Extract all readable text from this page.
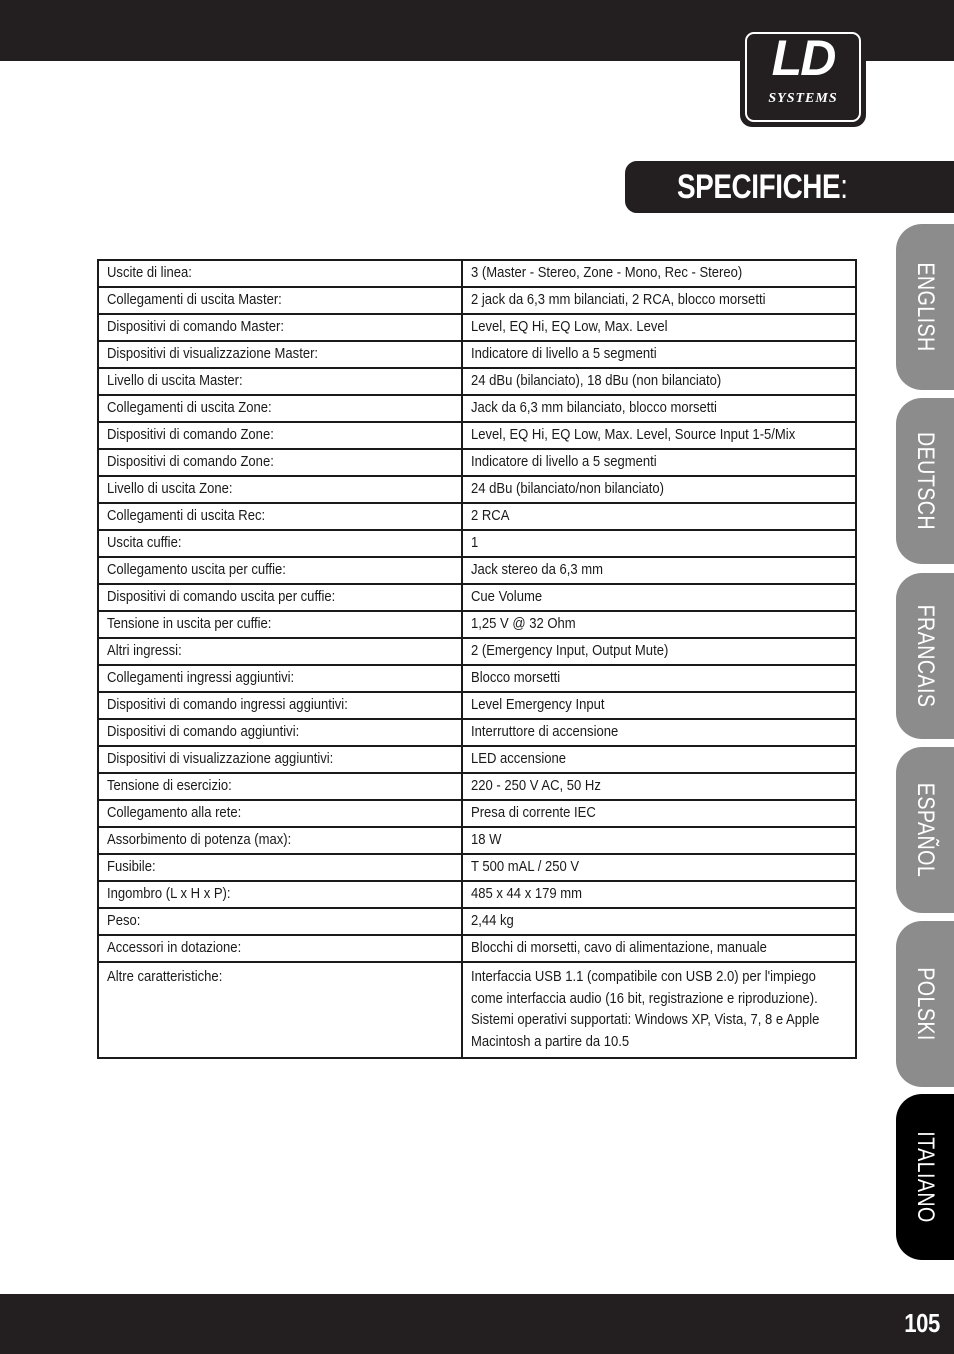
LD
SYSTEMS
SPECIFICHE:
Uscite di linea:	3 (Master - Stereo, Zone - Mono, Rec - Stereo)
Collegamenti di uscita Master:	2 jack da 6,3 mm bilanciati, 2 RCA, blocco morsetti
Dispositivi di comando Master:	Level, EQ Hi, EQ Low, Max. Level
Dispositivi di visualizzazione Master:	Indicatore di livello a 5 segmenti
Livello di uscita Master:	24 dBu (bilanciato), 18 dBu (non bilanciato)
Collegamenti di uscita Zone:	Jack da 6,3 mm bilanciato, blocco morsetti
Dispositivi di comando Zone:	Level, EQ Hi, EQ Low, Max. Level, Source Input 1-5/Mix
Dispositivi di comando Zone:	Indicatore di livello a 5 segmenti
Livello di uscita Zone:	24 dBu (bilanciato/non bilanciato)
Collegamenti di uscita Rec:	2 RCA
Uscita cuffie:	1
Collegamento uscita per cuffie:	Jack stereo da 6,3 mm
Dispositivi di comando uscita per cuffie:	Cue Volume
Tensione in uscita per cuffie:	1,25 V @ 32 Ohm
Altri ingressi:	2 (Emergency Input, Output Mute)
Collegamenti ingressi aggiuntivi:	Blocco morsetti
Dispositivi di comando ingressi aggiuntivi:	Level Emergency Input
Dispositivi di comando aggiuntivi:	Interruttore di accensione
Dispositivi di visualizzazione aggiuntivi:	LED accensione
Tensione di esercizio:	220 - 250 V AC, 50 Hz
Collegamento alla rete:	Presa di corrente IEC
Assorbimento di potenza (max):	18 W
Fusibile:	T 500 mAL / 250 V
Ingombro (L x H x P):	485 x 44 x 179 mm
Peso:	2,44 kg
Accessori in dotazione:	Blocchi di morsetti, cavo di alimentazione, manuale
Altre caratteristiche:	Interfaccia USB 1.1 (compatibile con USB 2.0) per l'impiego come interfaccia audio (16 bit, registrazione e riproduzione). Sistemi operativi supportati: Windows XP, Vista, 7, 8 e Apple Macintosh a partire da 10.5
ENGLISH
DEUTSCH
FRANCAIS
ESPAÑOL
POLSKI
ITALIANO
105
